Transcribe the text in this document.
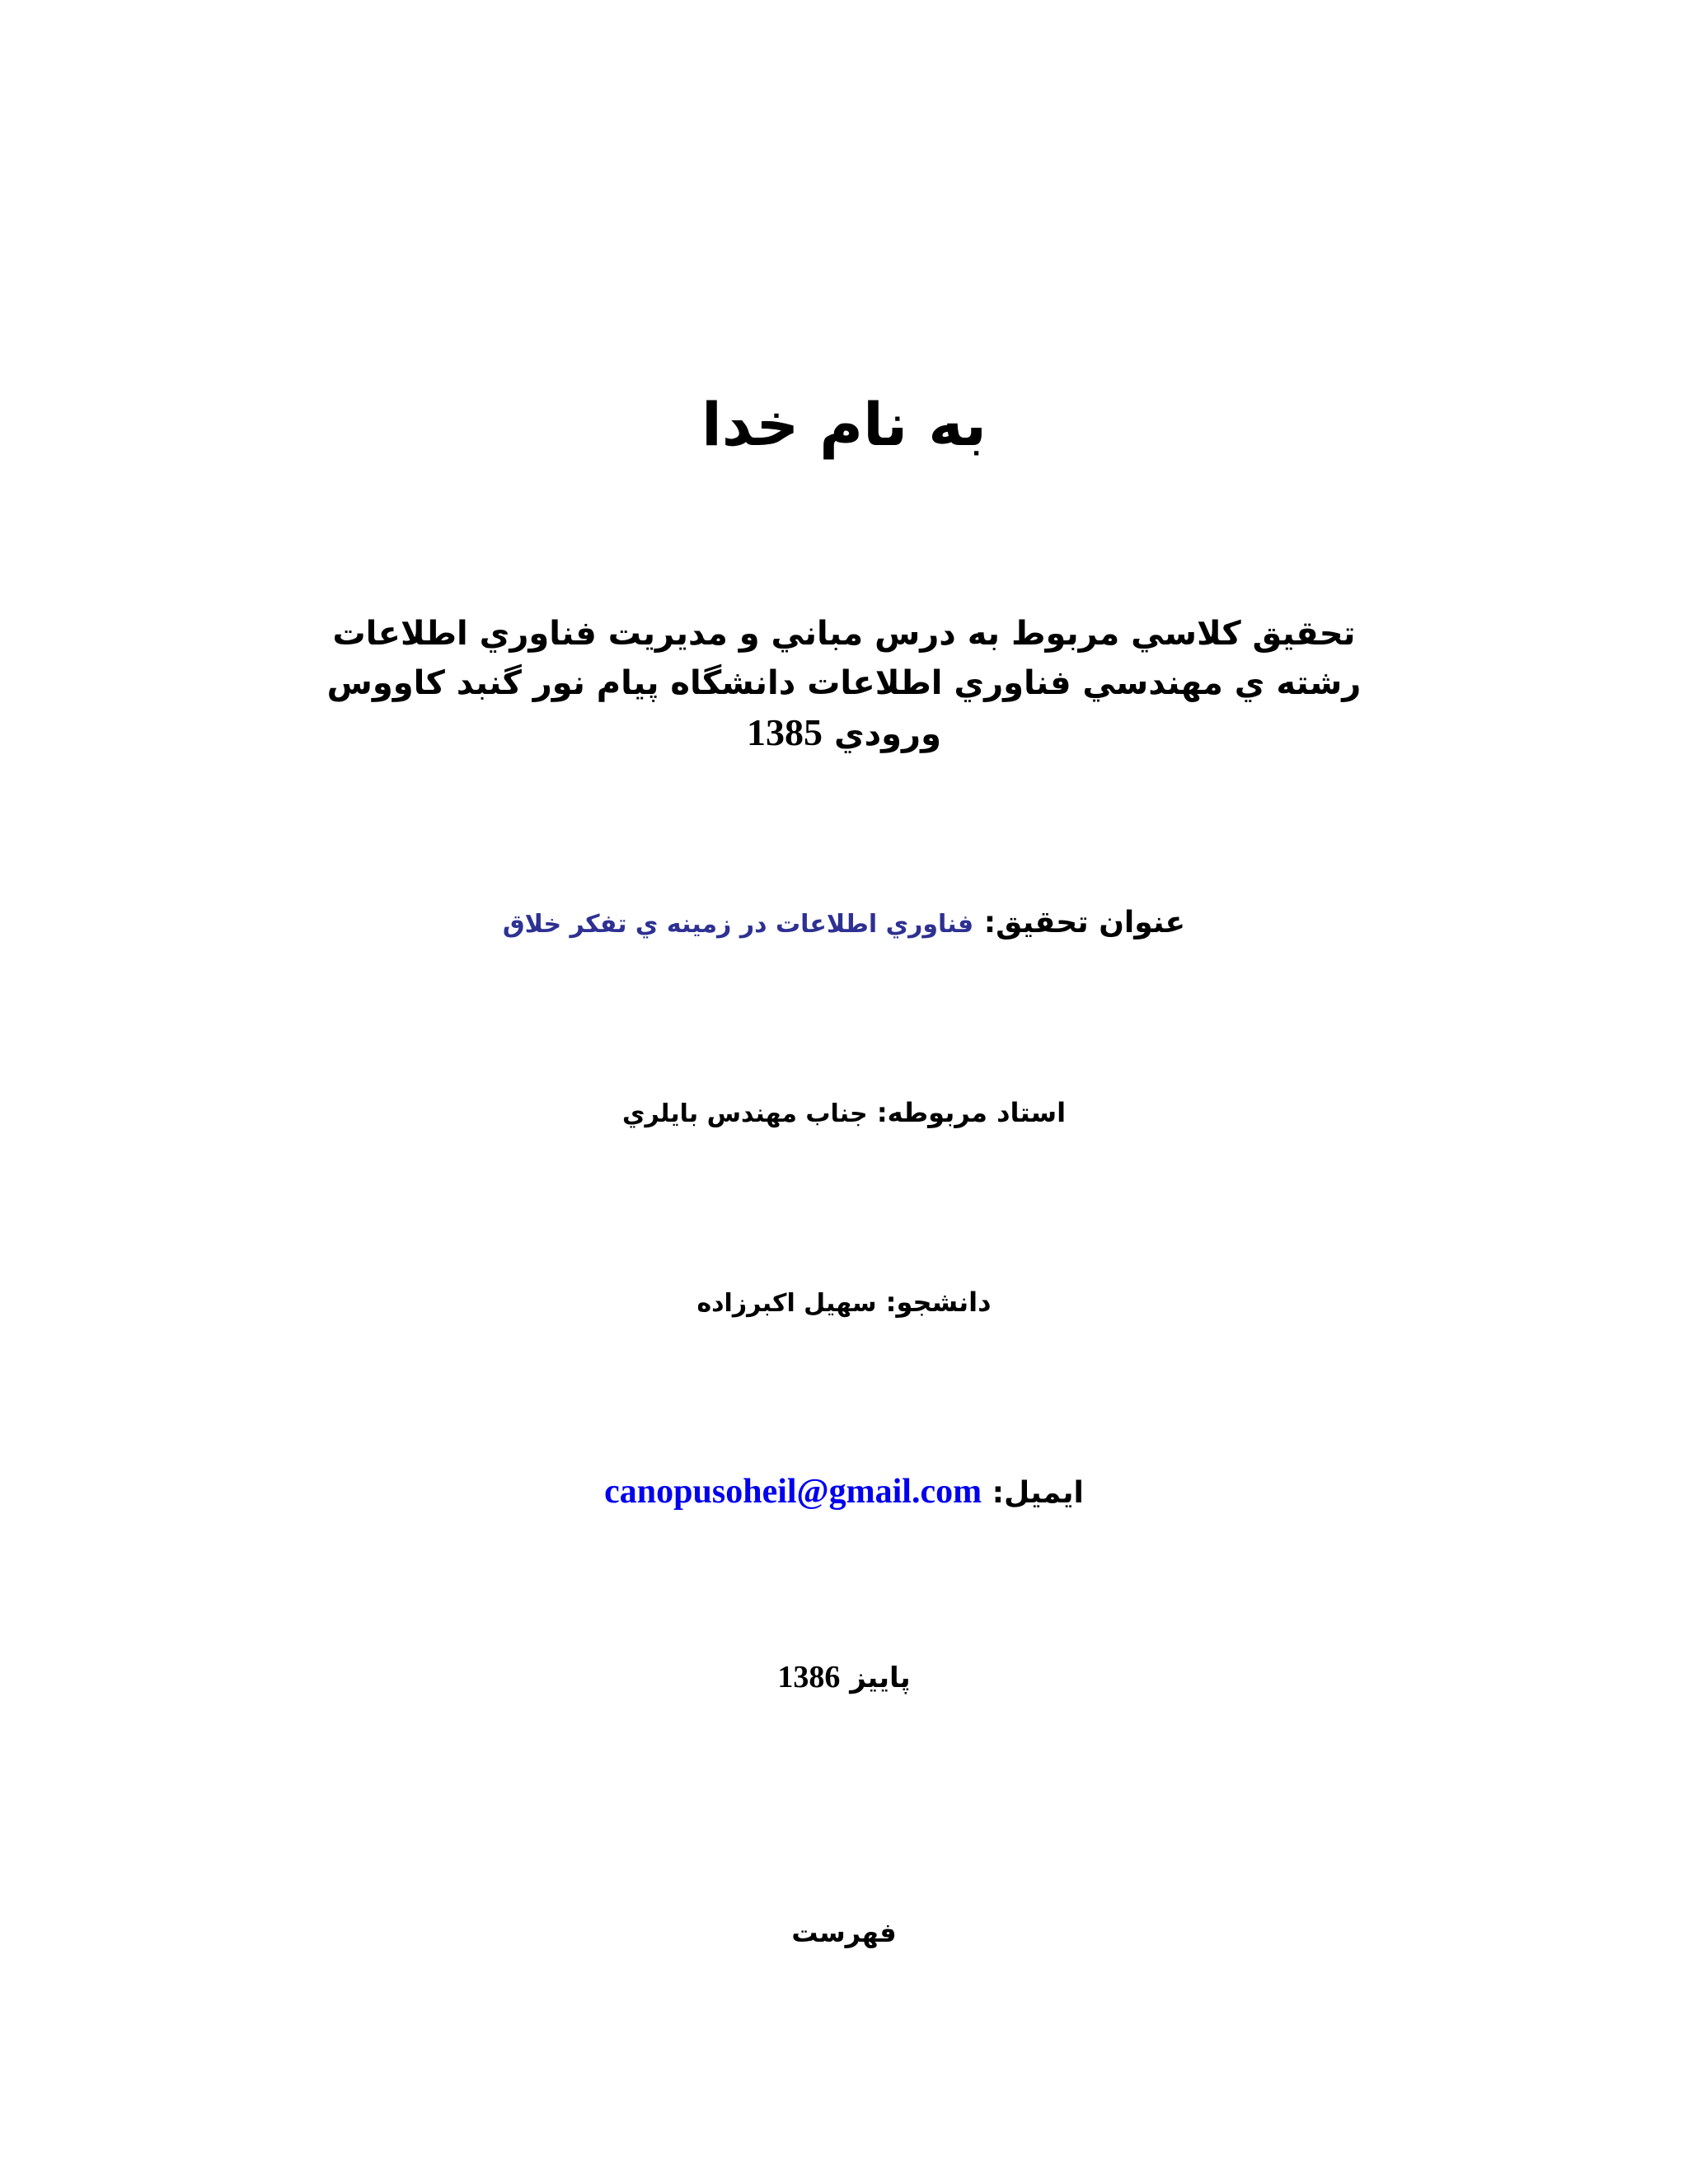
به نام خدا

تحقيق كلاسي مربوط به درس مباني و مديريت فناوري اطلاعات

رشته ي مهندسي فناوري اطلاعات دانشگاه پيام نور گنبد كاووس

ورودي 1385

عنوان تحقيق: فناوري اطلاعات در زمينه ي تفكر خلاق

استاد مربوطه: جناب مهندس بايلري

دانشجو: سهيل اكبرزاده

ايميل: canopusoheil@gmail.com

پاييز 1386

فهرست
